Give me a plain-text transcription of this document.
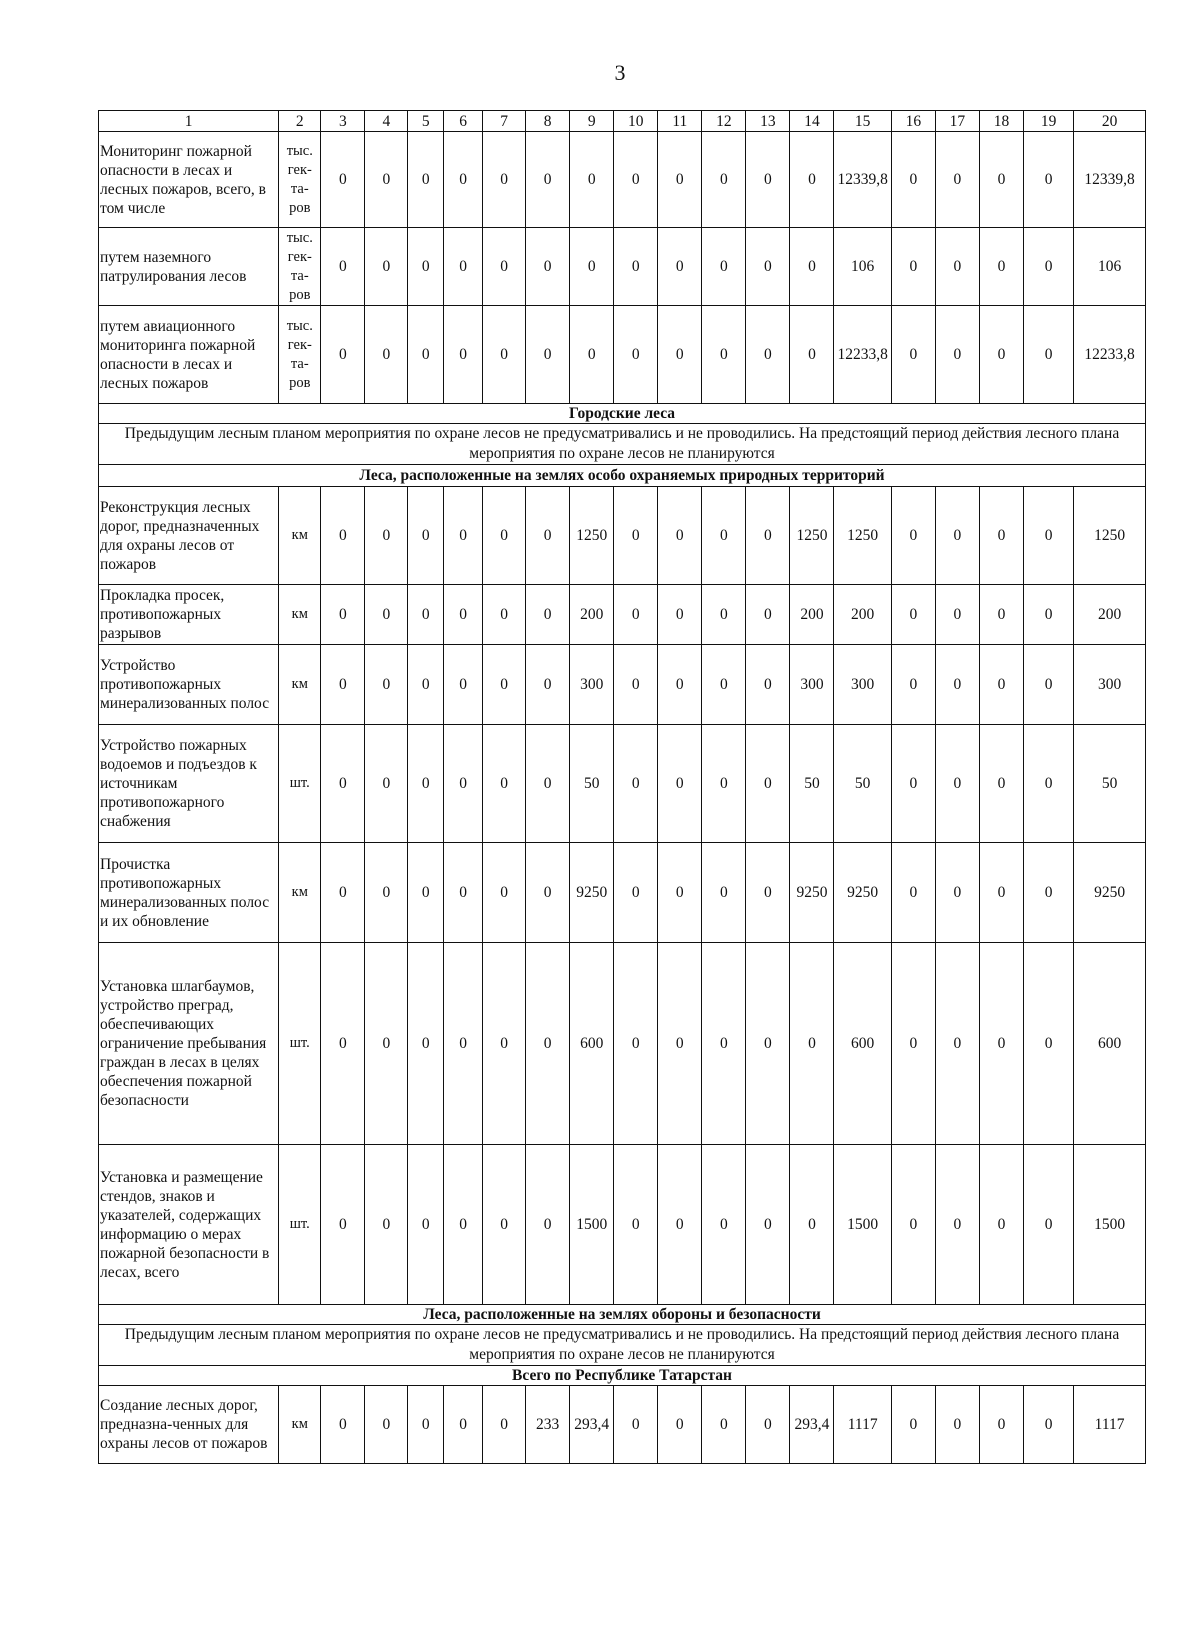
3
1	2	3	4	5	6	7	8	9	10	11	12	13	14	15	16	17	18	19	20
Мониторинг пожарной опасности в лесах и лесных пожаров, всего, в том числе	тыс. гек-та-ров	0	0	0	0	0	0	0	0	0	0	0	0	12339,8	0	0	0	0	12339,8
путем наземного патрулирования лесов	тыс. гек-та-ров	0	0	0	0	0	0	0	0	0	0	0	0	106	0	0	0	0	106
путем авиационного мониторинга пожарной опасности в лесах и лесных пожаров	тыс. гек-та-ров	0	0	0	0	0	0	0	0	0	0	0	0	12233,8	0	0	0	0	12233,8
Городские леса																			
Предыдущим лесным планом мероприятия по охране лесов не предусматривались и не проводились. На предстоящий период действия лесного плана мероприятия по охране лесов не планируются																			
Леса, расположенные на землях особо охраняемых природных территорий																			
Реконструкция лесных дорог, предназначенных для охраны лесов от пожаров	км	0	0	0	0	0	0	1250	0	0	0	0	1250	1250	0	0	0	0	1250
Прокладка просек, противопожарных разрывов	км	0	0	0	0	0	0	200	0	0	0	0	200	200	0	0	0	0	200
Устройство противопожарных минерализованных полос	км	0	0	0	0	0	0	300	0	0	0	0	300	300	0	0	0	0	300
Устройство пожарных водоемов и подъездов к источникам противопожарного снабжения	шт.	0	0	0	0	0	0	50	0	0	0	0	50	50	0	0	0	0	50
Прочистка противопожарных минерализованных полос и их обновление	км	0	0	0	0	0	0	9250	0	0	0	0	9250	9250	0	0	0	0	9250
Установка шлагбаумов, устройство преград, обеспечивающих ограничение пребывания граждан в лесах в целях обеспечения пожарной безопасности	шт.	0	0	0	0	0	0	600	0	0	0	0	0	600	0	0	0	0	600
Установка и размещение стендов, знаков и указателей, содержащих информацию о мерах пожарной безопасности в лесах, всего	шт.	0	0	0	0	0	0	1500	0	0	0	0	0	1500	0	0	0	0	1500
Леса, расположенные на землях обороны и безопасности																			
Предыдущим лесным планом мероприятия по охране лесов не предусматривались и не проводились. На предстоящий период действия лесного плана мероприятия по охране лесов не планируются																			
Всего по Республике Татарстан																			
Создание лесных дорог, предназна-ченных для охраны лесов от пожаров	км	0	0	0	0	0	233	293,4	0	0	0	0	293,4	1117	0	0	0	0	1117
